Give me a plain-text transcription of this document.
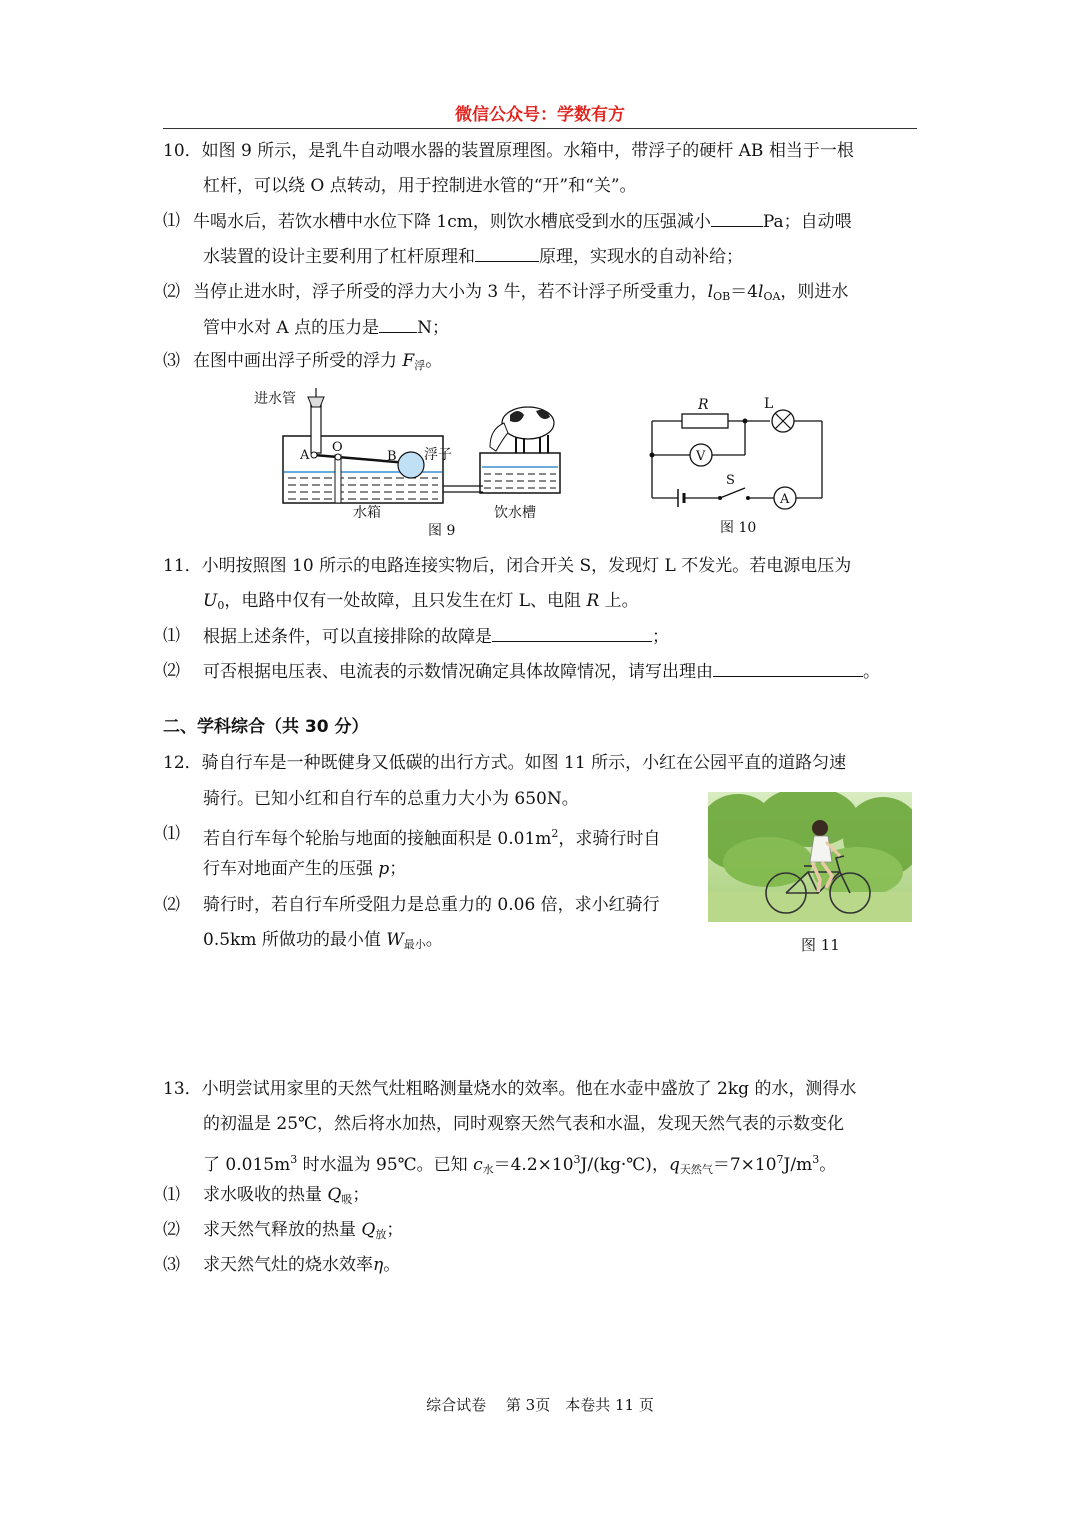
微信公众号：学数有方
10．如图 9 所示，是乳牛自动喂水器的装置原理图。水箱中，带浮子的硬杆 AB 相当于一根
杠杆，可以绕 O 点转动，用于控制进水管的“开”和“关”。
⑴ 牛喝水后，若饮水槽中水位下降 1cm，则饮水槽底受到水的压强减小	Pa；自动喂
水装置的设计主要利用了杠杆原理和	原理，实现水的自动补给；
⑵ 当停止进水时，浮子所受的浮力大小为 3 牛，若不计浮子所受重力，$l_{OB}=4l_{OA}$，则进水
管中水对 A 点的压力是 N；
⑶ 在图中画出浮子所受的浮力 $F_浮$。
进水管
A
O
B 浮子
水箱	饮水槽
图 9
R	L
V
S
A
图 10
11．小明按照图 10 所示的电路连接实物后，闭合开关 S，发现灯 L 不发光。若电源电压为
$U_0$，电路中仅有一处故障，且只发生在灯 L、电阻 R 上。
⑴ 根据上述条件，可以直接排除的故障是	；
⑵ 可否根据电压表、电流表的示数情况确定具体故障情况，请写出理由	。
二、学科综合（共 30 分）
12．骑自行车是一种既健身又低碳的出行方式。如图 11 所示，小红在公园平直的道路匀速
骑行。已知小红和自行车的总重力大小为 650N。
⑴ 若自行车每个轮胎与地面的接触面积是 $0.01m^2$，求骑行时自
行车对地面产生的压强 p；
⑵ 骑行时，若自行车所受阻力是总重力的 0.06 倍，求小红骑行
0.5km 所做功的最小值 $W_{最小}$。	图 11
13．小明尝试用家里的天然气灶粗略测量烧水的效率。他在水壶中盛放了 2kg 的水，测得水
的初温是 25℃，然后将水加热，同时观察天然气表和水温，发现天然气表的示数变化
了 $0.015m^3$ 时水温为 95℃。已知 $c_水=4.2\times 10^3J/(kg\cdot℃)$，$q_{天然气}=7\times 10^7J/m^3$。
⑴ 求水吸收的热量 $Q_吸$；
⑵ 求天然气释放的热量 $Q_放$；
⑶ 求天然气灶的烧水效率η。
综合试卷　 第 3页　本卷共 11 页
